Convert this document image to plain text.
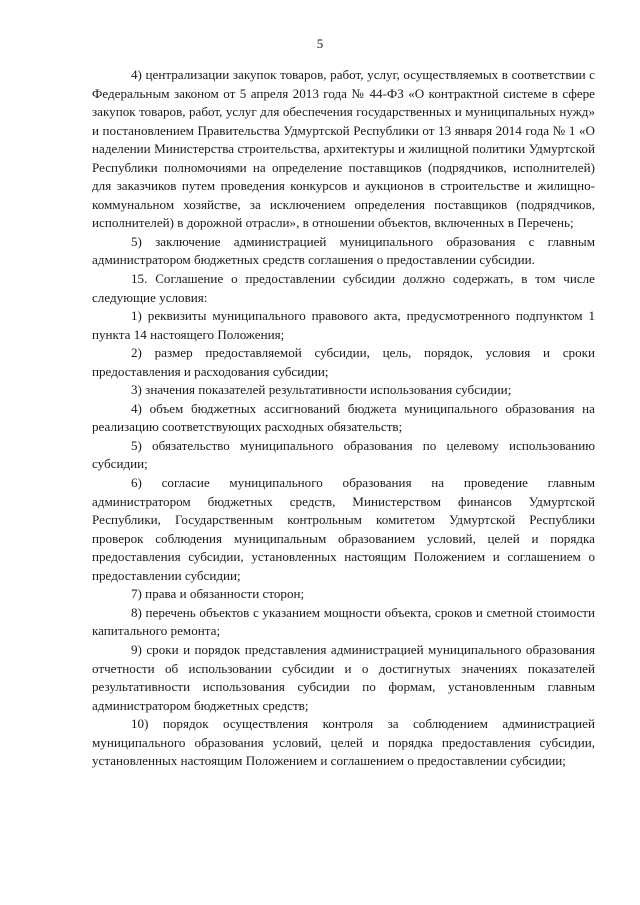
5

4) централизации закупок товаров, работ, услуг, осуществляемых в соответствии с Федеральным законом от 5 апреля 2013 года № 44-ФЗ «О контрактной системе в сфере закупок товаров, работ, услуг для обеспечения государственных и муниципальных нужд» и постановлением Правительства Удмуртской Республики от 13 января 2014 года № 1 «О наделении Министерства строительства, архитектуры и жилищной политики Удмуртской Республики полномочиями на определение поставщиков (подрядчиков, исполнителей) для заказчиков путем проведения конкурсов и аукционов в строительстве и жилищно-коммунальном хозяйстве, за исключением определения поставщиков (подрядчиков, исполнителей) в дорожной отрасли», в отношении объектов, включенных в Перечень;

5) заключение администрацией муниципального образования с главным администратором бюджетных средств соглашения о предоставлении субсидии.

15. Соглашение о предоставлении субсидии должно содержать, в том числе следующие условия:

1) реквизиты муниципального правового акта, предусмотренного подпунктом 1 пункта 14 настоящего Положения;

2) размер предоставляемой субсидии, цель, порядок, условия и сроки предоставления и расходования субсидии;

3) значения показателей результативности использования субсидии;

4) объем бюджетных ассигнований бюджета муниципального образования на реализацию соответствующих расходных обязательств;

5) обязательство муниципального образования по целевому использованию субсидии;

6) согласие муниципального образования на проведение главным администратором бюджетных средств, Министерством финансов Удмуртской Республики, Государственным контрольным комитетом Удмуртской Республики проверок соблюдения муниципальным образованием условий, целей и порядка предоставления субсидии, установленных настоящим Положением и соглашением о предоставлении субсидии;

7) права и обязанности сторон;

8) перечень объектов с указанием мощности объекта, сроков и сметной стоимости капитального ремонта;

9) сроки и порядок представления администрацией муниципального образования отчетности об использовании субсидии и о достигнутых значениях показателей результативности использования субсидии по формам, установленным главным администратором бюджетных средств;

10) порядок осуществления контроля за соблюдением администрацией муниципального образования условий, целей и порядка предоставления субсидии, установленных настоящим Положением и соглашением о предоставлении субсидии;
